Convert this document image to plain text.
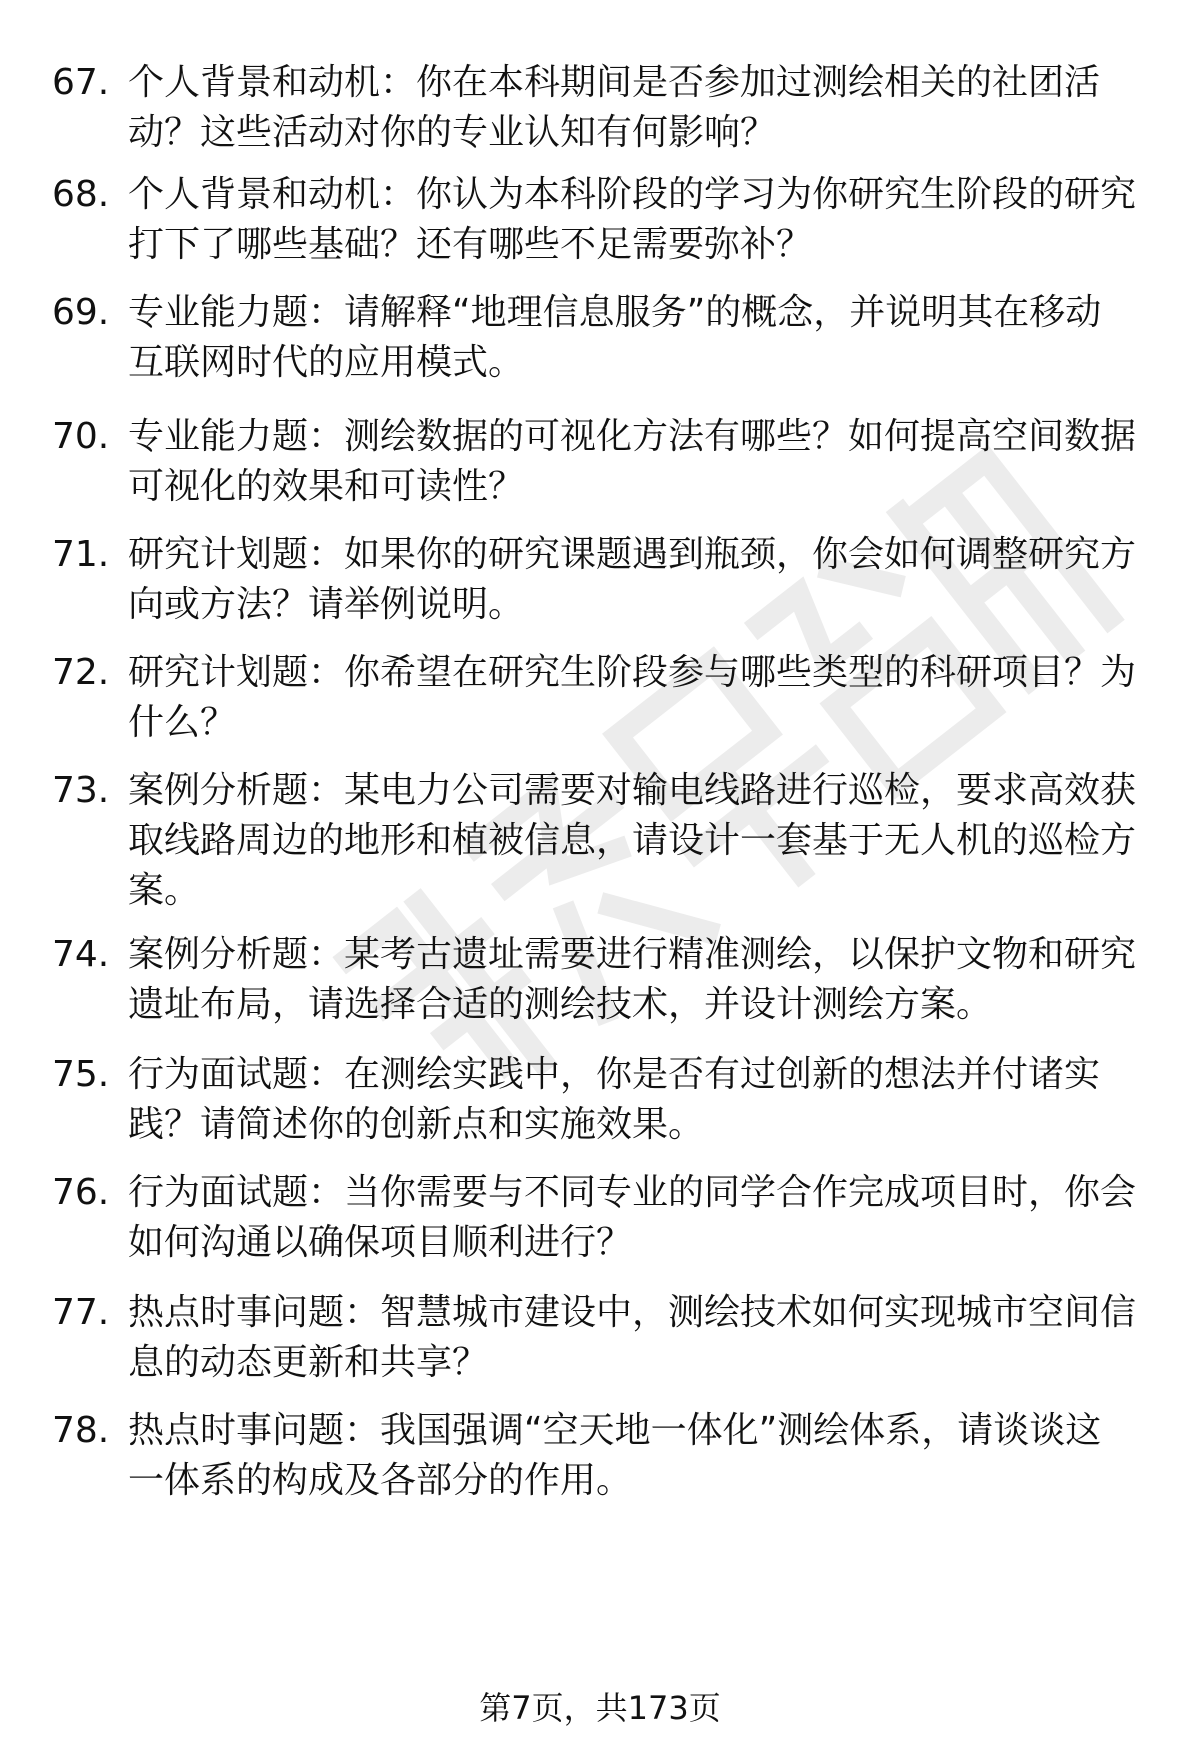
67. 个人背景和动机：你在本科期间是否参加过测绘相关的社团活
动？这些活动对你的专业认知有何影响？
68. 个人背景和动机：你认为本科阶段的学习为你研究生阶段的研究
打下了哪些基础？还有哪些不足需要弥补？
69. 专业能力题：请解释“地理信息服务”的概念，并说明其在移动
互联网时代的应用模式。
70. 专业能力题：测绘数据的可视化方法有哪些？如何提高空间数据
可视化的效果和可读性？
71. 研究计划题：如果你的研究课题遇到瓶颈，你会如何调整研究方
向或方法？请举例说明。
72. 研究计划题：你希望在研究生阶段参与哪些类型的科研项目？为
什么？
73. 案例分析题：某电力公司需要对输电线路进行巡检，要求高效获
取线路周边的地形和植被信息，请设计一套基于无人机的巡检方
案。
74. 案例分析题：某考古遗址需要进行精准测绘，以保护文物和研究
遗址布局，请选择合适的测绘技术，并设计测绘方案。
75. 行为面试题：在测绘实践中，你是否有过创新的想法并付诸实
践？请简述你的创新点和实施效果。
76. 行为面试题：当你需要与不同专业的同学合作完成项目时，你会
如何沟通以确保项目顺利进行？
77. 热点时事问题：智慧城市建设中，测绘技术如何实现城市空间信
息的动态更新和共享？
78. 热点时事问题：我国强调“空天地一体化”测绘体系，请谈谈这
一体系的构成及各部分的作用。
第7页，共173页
